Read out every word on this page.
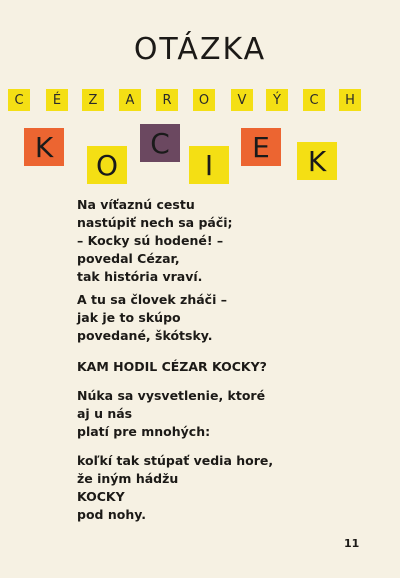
OTÁZKA
C	É	Z	A	R	O	V	Ý	C	H
K
O
C
I
E	K
Na víťaznú cestu
nastúpiť nech sa páči;
– Kocky sú hodené! –
povedal Cézar,
tak história vraví.
A tu sa človek zháči –
jak je to skúpo
povedané, škótsky.
KAM HODIL CÉZAR KOCKY?
Núka sa vysvetlenie, ktoré
aj u nás
platí pre mnohých:
koľkí tak stúpať vedia hore,
že iným hádžu
KOCKY
pod nohy.
11
